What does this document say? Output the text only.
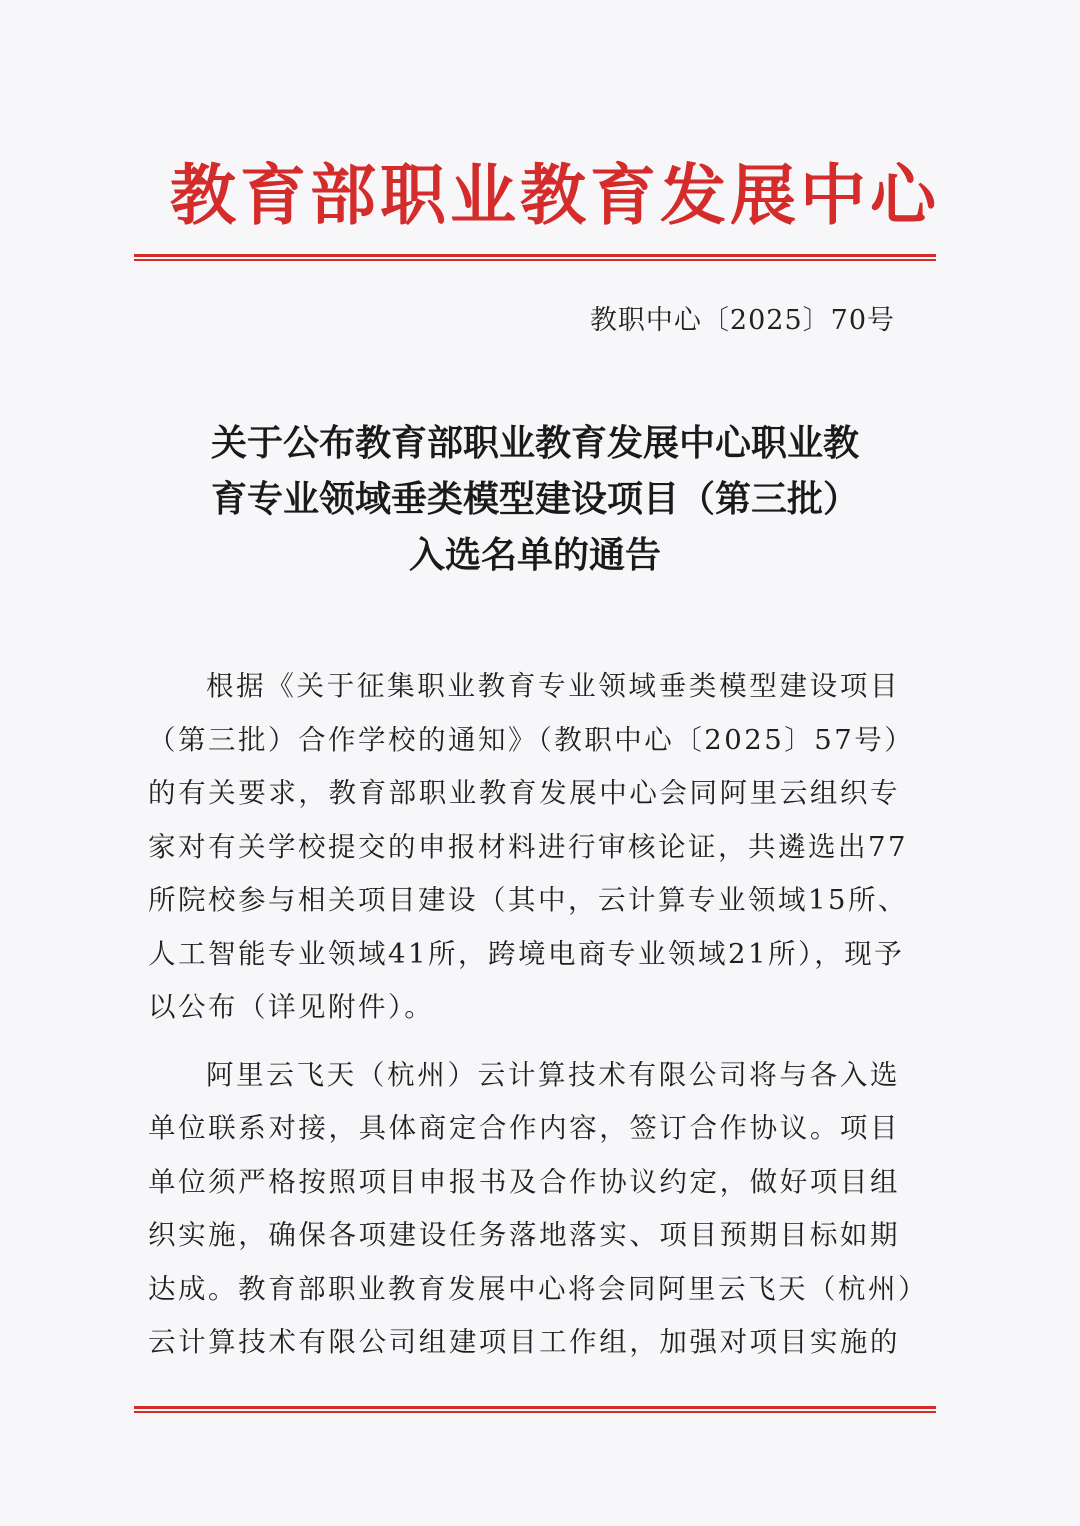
教育部职业教育发展中心
教职中心〔2025〕70号
关于公布教育部职业教育发展中心职业教
育专业领域垂类模型建设项目（第三批）
入选名单的通告
根据《关于征集职业教育专业领域垂类模型建设项目
（第三批）合作学校的通知》（教职中心〔2025〕57号）
的有关要求，教育部职业教育发展中心会同阿里云组织专
家对有关学校提交的申报材料进行审核论证，共遴选出77
所院校参与相关项目建设（其中，云计算专业领域15所、
人工智能专业领域41所，跨境电商专业领域21所），现予
以公布（详见附件）。
阿里云飞天（杭州）云计算技术有限公司将与各入选
单位联系对接，具体商定合作内容，签订合作协议。项目
单位须严格按照项目申报书及合作协议约定，做好项目组
织实施，确保各项建设任务落地落实、项目预期目标如期
达成。教育部职业教育发展中心将会同阿里云飞天（杭州）
云计算技术有限公司组建项目工作组，加强对项目实施的
